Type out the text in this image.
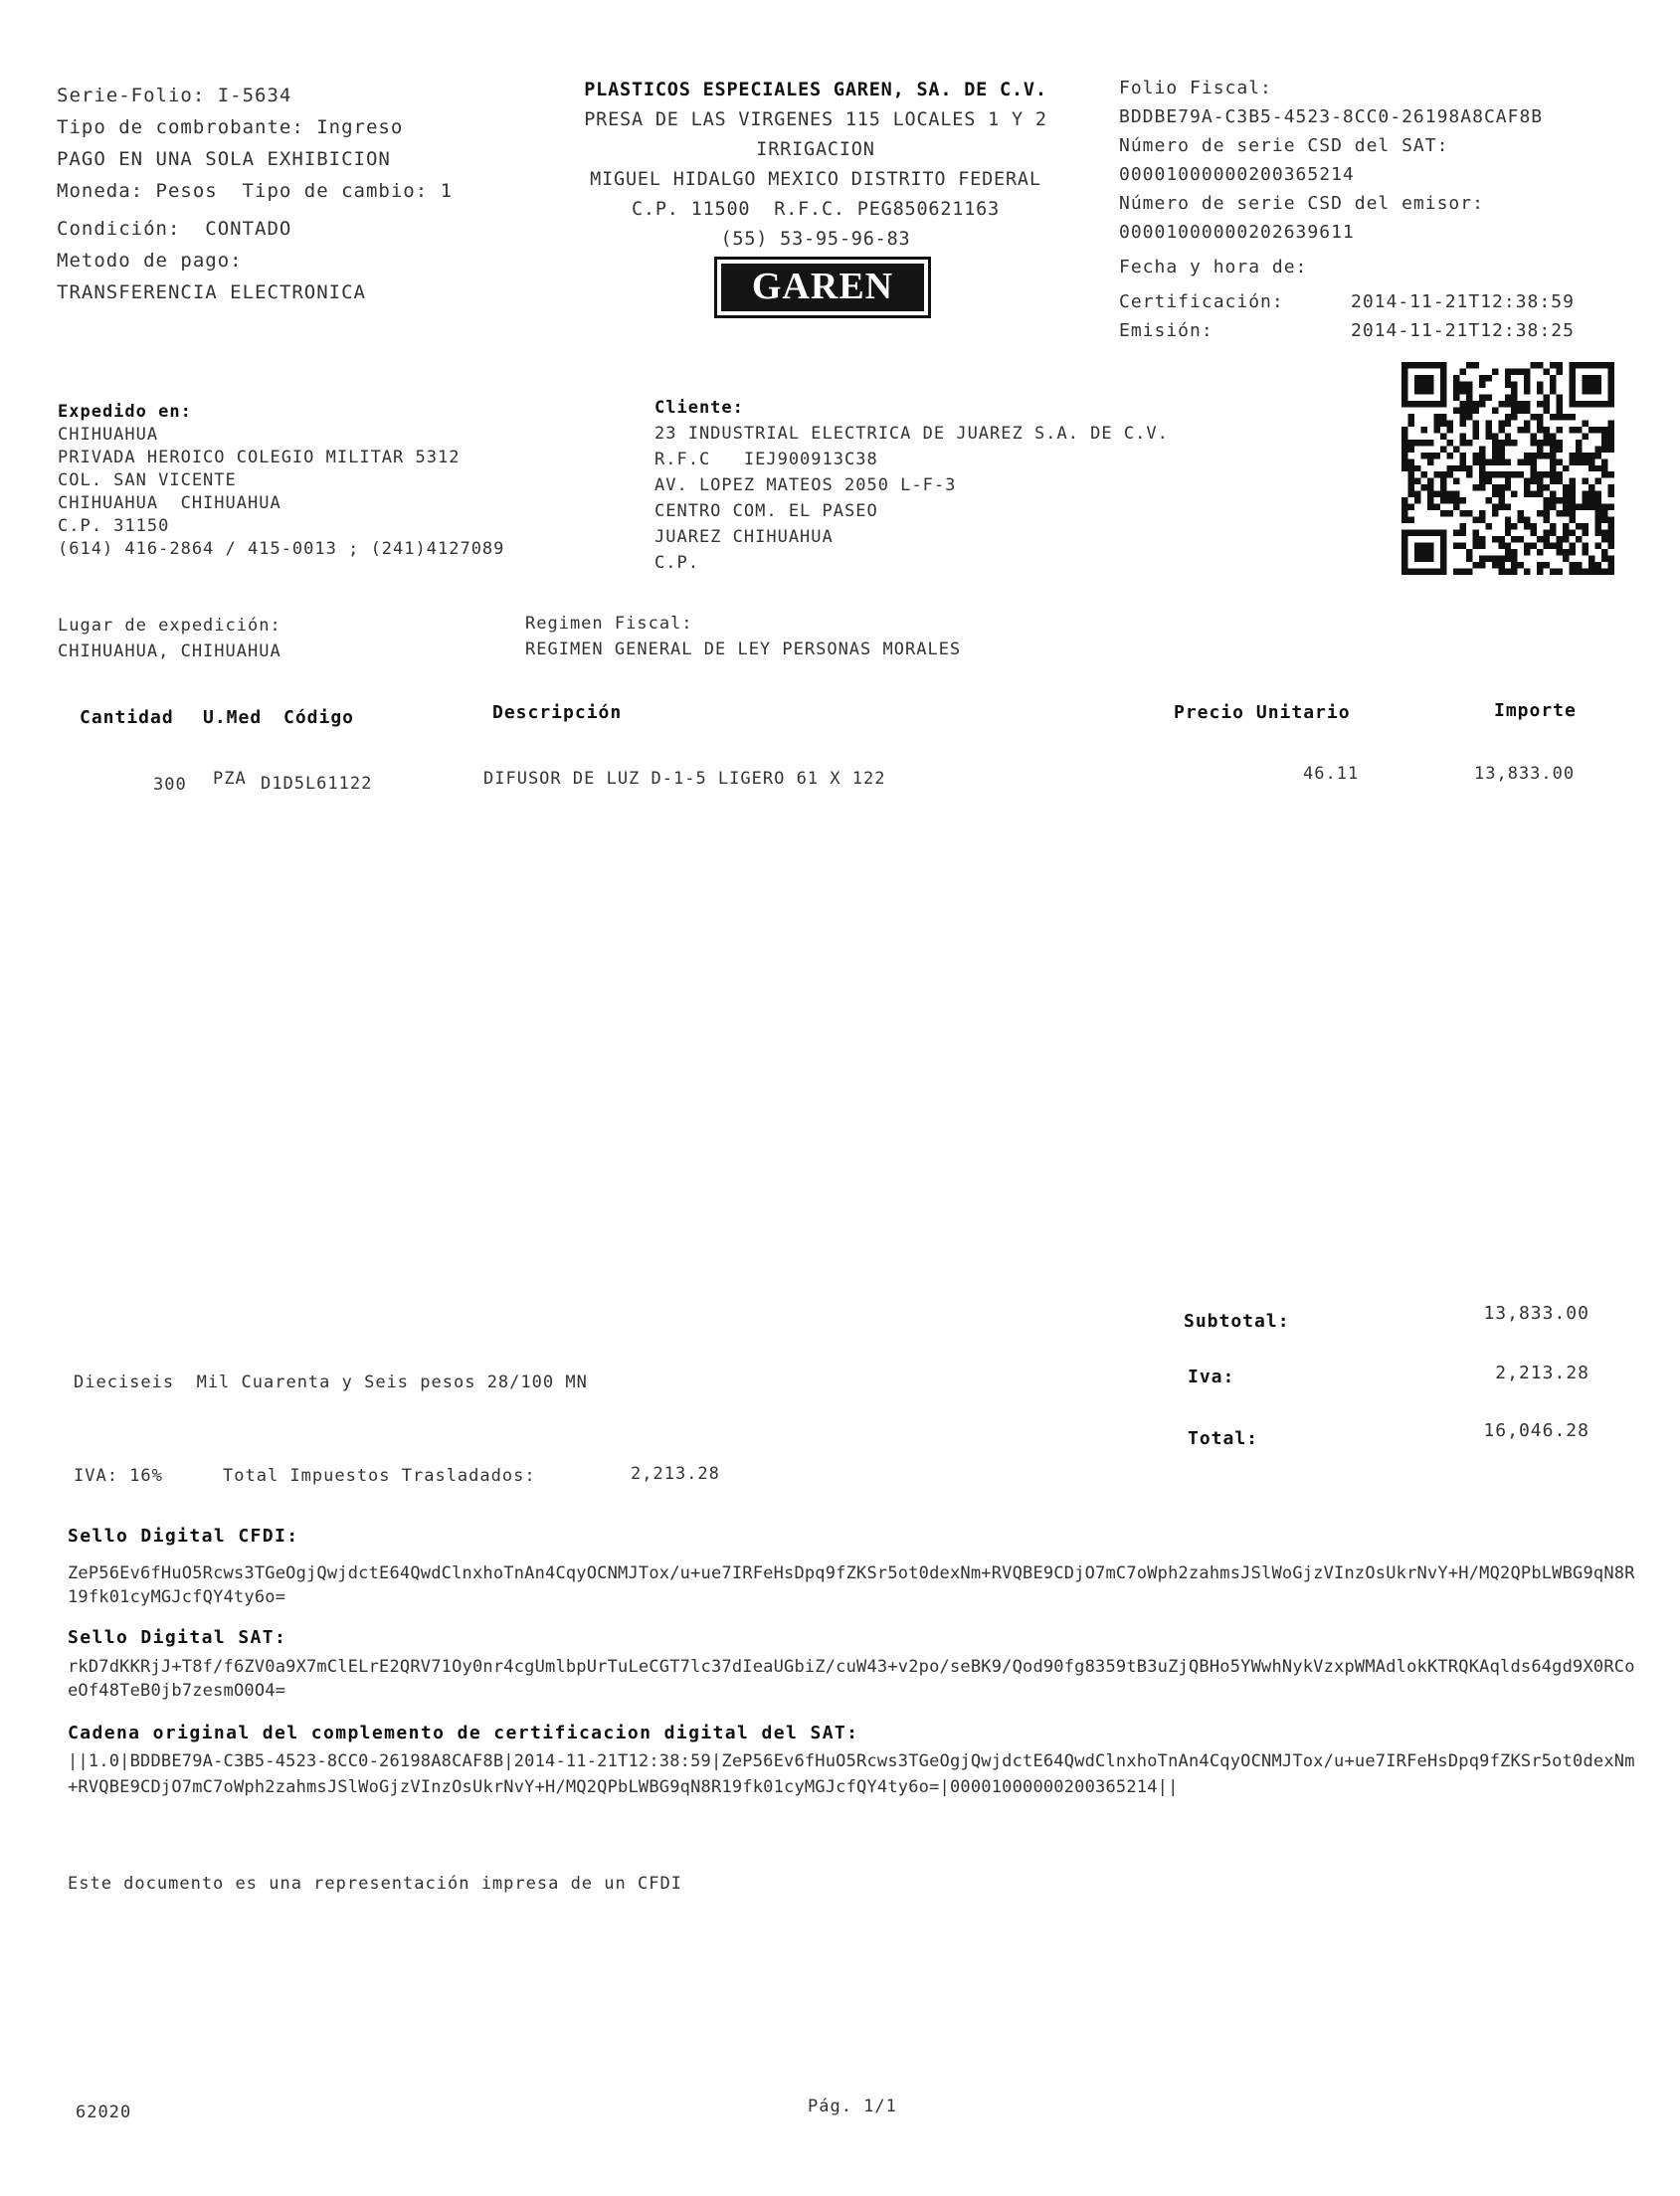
Serie-Folio: I-5634
Tipo de combrobante: Ingreso
PAGO EN UNA SOLA EXHIBICION
Moneda: Pesos  Tipo de cambio: 1
Condición: CONTADO
Metodo de pago:
TRANSFERENCIA ELECTRONICA
PLASTICOS ESPECIALES GAREN, SA. DE C.V.
PRESA DE LAS VIRGENES 115 LOCALES 1 Y 2
IRRIGACION
MIGUEL HIDALGO MEXICO DISTRITO FEDERAL
C.P. 11500  R.F.C. PEG850621163
(55) 53-95-96-83
GAREN
Folio Fiscal:
BDDBE79A-C3B5-4523-8CC0-26198A8CAF8B
Número de serie CSD del SAT:
00001000000200365214
Número de serie CSD del emisor:
00001000000202639611
Fecha y hora de:
Certificación:	2014-11-21T12:38:59
Emisión:	2014-11-21T12:38:25
Expedido en:
CHIHUAHUA
PRIVADA HEROICO COLEGIO MILITAR 5312
COL. SAN VICENTE
CHIHUAHUA  CHIHUAHUA
C.P. 31150
(614) 416-2864 / 415-0013 ; (241)4127089
Cliente:
23 INDUSTRIAL ELECTRICA DE JUAREZ S.A. DE C.V.
R.F.C   IEJ900913C38
AV. LOPEZ MATEOS 2050 L-F-3
CENTRO COM. EL PASEO
JUAREZ CHIHUAHUA
C.P.
Lugar de expedición:
CHIHUAHUA, CHIHUAHUA
Regimen Fiscal:
REGIMEN GENERAL DE LEY PERSONAS MORALES
Cantidad U.Med Código	Descripción	Precio Unitario	Importe
300 PZA D1D5L61122	DIFUSOR DE LUZ D-1-5 LIGERO 61 X 122	46.11	13,833.00
Subtotal:	13,833.00
Iva:	2,213.28
Total:	16,046.28
Dieciseis  Mil Cuarenta y Seis pesos 28/100 MN
IVA: 16%	Total Impuestos Trasladados:	2,213.28
Sello Digital CFDI:
ZeP56Ev6fHuO5Rcws3TGeOgjQwjdctE64QwdClnxhoTnAn4CqyOCNMJTox/u+ue7IRFeHsDpq9fZKSr5ot0dexNm+RVQBE9CDjO7mC7oWph2zahmsJSlWoGjzVInzOsUkrNvY+H/MQ2QPbLWBG9qN8R19fk01cyMGJcfQY4ty6o=
Sello Digital SAT:
rkD7dKKRjJ+T8f/f6ZV0a9X7mClELrE2QRV71Oy0nr4cgUmlbpUrTuLeCGT7lc37dIeaUGbiZ/cuW43+v2po/seBK9/Qod90fg8359tB3uZjQBHo5YWwhNykVzxpWMAdlokKTRQKAqlds64gd9X0RCoeOf48TeB0jb7zesmO0O4=
Cadena original del complemento de certificacion digital del SAT:
||1.0|BDDBE79A-C3B5-4523-8CC0-26198A8CAF8B|2014-11-21T12:38:59|ZeP56Ev6fHuO5Rcws3TGeOgjQwjdctE64QwdClnxhoTnAn4CqyOCNMJTox/u+ue7IRFeHsDpq9fZKSr5ot0dexNm+RVQBE9CDjO7mC7oWph2zahmsJSlWoGjzVInzOsUkrNvY+H/MQ2QPbLWBG9qN8R19fk01cyMGJcfQY4ty6o=|00001000000200365214||
Este documento es una representación impresa de un CFDI
62020	Pág. 1/1
